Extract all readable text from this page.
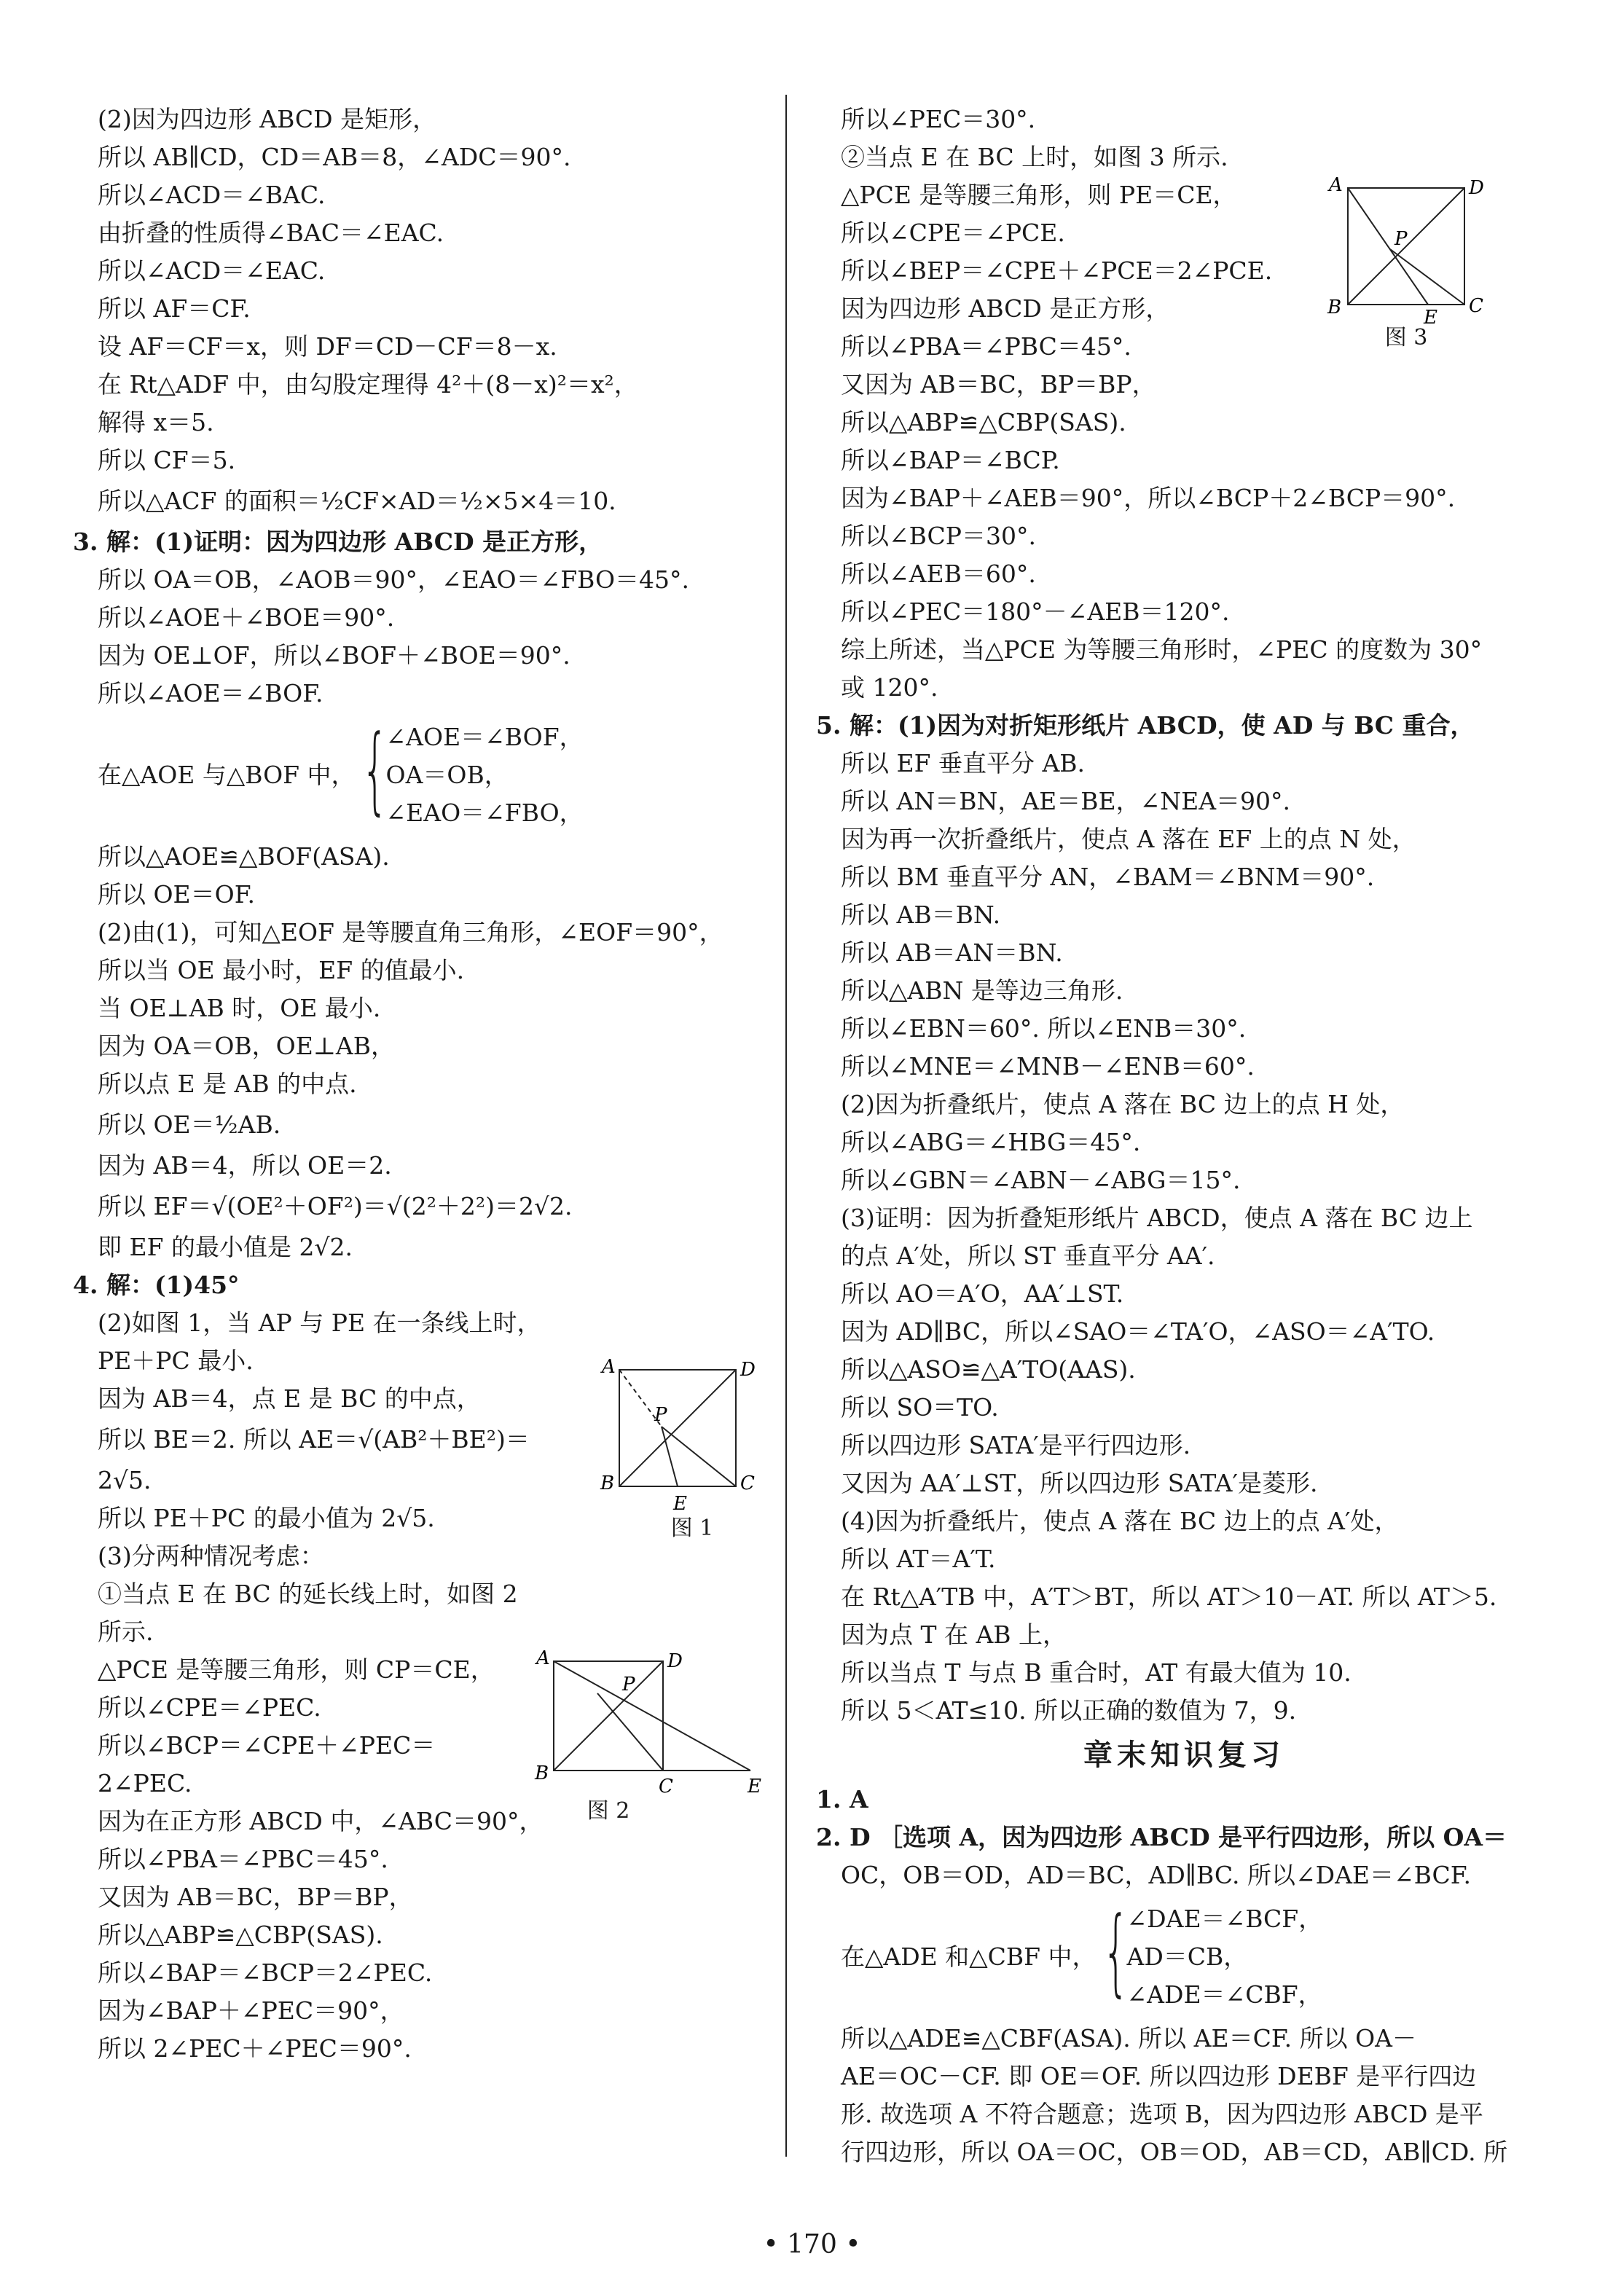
(2)因为四边形 ABCD 是矩形，
所以 AB∥CD，CD＝AB＝8，∠ADC＝90°.
所以∠ACD＝∠BAC.
由折叠的性质得∠BAC＝∠EAC.
所以∠ACD＝∠EAC.
所以 AF＝CF.
设 AF＝CF＝x，则 DF＝CD－CF＝8－x.
在 Rt△ADF 中，由勾股定理得 4²＋(8－x)²＝x²，
解得 x＝5.
所以 CF＝5.
所以△ACF 的面积＝½CF×AD＝½×5×4＝10.
3. 解：(1)证明：因为四边形 ABCD 是正方形，
所以 OA＝OB，∠AOB＝90°，∠EAO＝∠FBO＝45°.
所以∠AOE＋∠BOE＝90°.
因为 OE⊥OF，所以∠BOF＋∠BOE＝90°.
所以∠AOE＝∠BOF.
在△AOE 与△BOF 中， {
∠AOE＝∠BOF，
OA＝OB，
∠EAO＝∠FBO，
所以△AOE≌△BOF(ASA).
所以 OE＝OF.
(2)由(1)，可知△EOF 是等腰直角三角形，∠EOF＝90°，
所以当 OE 最小时，EF 的值最小.
当 OE⊥AB 时，OE 最小.
因为 OA＝OB，OE⊥AB，
所以点 E 是 AB 的中点.
所以 OE＝½AB.
因为 AB＝4，所以 OE＝2.
所以 EF＝√(OE²＋OF²)＝√(2²＋2²)＝2√2.
即 EF 的最小值是 2√2.
4. 解：(1)45°
(2)如图 1，当 AP 与 PE 在一条线上时，
PE＋PC 最小.
因为 AB＝4，点 E 是 BC 的中点，
所以 BE＝2. 所以 AE＝√(AB²＋BE²)＝
2√5.
所以 PE＋PC 的最小值为 2√5.
(3)分两种情况考虑：
①当点 E 在 BC 的延长线上时，如图 2
所示.
△PCE 是等腰三角形，则 CP＝CE，
所以∠CPE＝∠PEC.
所以∠BCP＝∠CPE＋∠PEC＝
2∠PEC.
因为在正方形 ABCD 中，∠ABC＝90°，
所以∠PBA＝∠PBC＝45°.
又因为 AB＝BC，BP＝BP，
所以△ABP≌△CBP(SAS).
所以∠BAP＝∠BCP＝2∠PEC.
因为∠BAP＋∠PEC＝90°，
所以 2∠PEC＋∠PEC＝90°.
A	D
P
B
E
C
图 1
A	D
P
B
C	E
图 2
所以∠PEC＝30°.
②当点 E 在 BC 上时，如图 3 所示.
△PCE 是等腰三角形，则 PE＝CE，
所以∠CPE＝∠PCE.
所以∠BEP＝∠CPE＋∠PCE＝2∠PCE.
因为四边形 ABCD 是正方形，
所以∠PBA＝∠PBC＝45°.
又因为 AB＝BC，BP＝BP，
所以△ABP≌△CBP(SAS).
所以∠BAP＝∠BCP.
因为∠BAP＋∠AEB＝90°，所以∠BCP＋2∠BCP＝90°.
所以∠BCP＝30°.
所以∠AEB＝60°.
所以∠PEC＝180°－∠AEB＝120°.
综上所述，当△PCE 为等腰三角形时，∠PEC 的度数为 30°
或 120°.
5. 解：(1)因为对折矩形纸片 ABCD，使 AD 与 BC 重合，
所以 EF 垂直平分 AB.
所以 AN＝BN，AE＝BE，∠NEA＝90°.
因为再一次折叠纸片，使点 A 落在 EF 上的点 N 处，
所以 BM 垂直平分 AN，∠BAM＝∠BNM＝90°.
所以 AB＝BN.
所以 AB＝AN＝BN.
所以△ABN 是等边三角形.
所以∠EBN＝60°. 所以∠ENB＝30°.
所以∠MNE＝∠MNB－∠ENB＝60°.
(2)因为折叠纸片，使点 A 落在 BC 边上的点 H 处，
所以∠ABG＝∠HBG＝45°.
所以∠GBN＝∠ABN－∠ABG＝15°.
(3)证明：因为折叠矩形纸片 ABCD，使点 A 落在 BC 边上
的点 A′处，所以 ST 垂直平分 AA′.
所以 AO＝A′O，AA′⊥ST.
因为 AD∥BC，所以∠SAO＝∠TA′O，∠ASO＝∠A′TO.
所以△ASO≌△A′TO(AAS).
所以 SO＝TO.
所以四边形 SATA′是平行四边形.
又因为 AA′⊥ST，所以四边形 SATA′是菱形.
(4)因为折叠纸片，使点 A 落在 BC 边上的点 A′处，
所以 AT＝A′T.
在 Rt△A′TB 中，A′T＞BT，所以 AT＞10－AT. 所以 AT＞5.
因为点 T 在 AB 上，
所以当点 T 与点 B 重合时，AT 有最大值为 10.
所以 5＜AT≤10. 所以正确的数值为 7，9.
章末知识复习
1. A
2. D ［选项 A，因为四边形 ABCD 是平行四边形，所以 OA＝
OC，OB＝OD，AD＝BC，AD∥BC. 所以∠DAE＝∠BCF.
在△ADE 和△CBF 中， {
∠DAE＝∠BCF，
AD＝CB，
∠ADE＝∠CBF，
所以△ADE≌△CBF(ASA). 所以 AE＝CF. 所以 OA－
AE＝OC－CF. 即 OE＝OF. 所以四边形 DEBF 是平行四边
形. 故选项 A 不符合题意；选项 B，因为四边形 ABCD 是平
行四边形，所以 OA＝OC，OB＝OD，AB＝CD，AB∥CD. 所
A	D
P
B	E
C
图 3
• 170 •
